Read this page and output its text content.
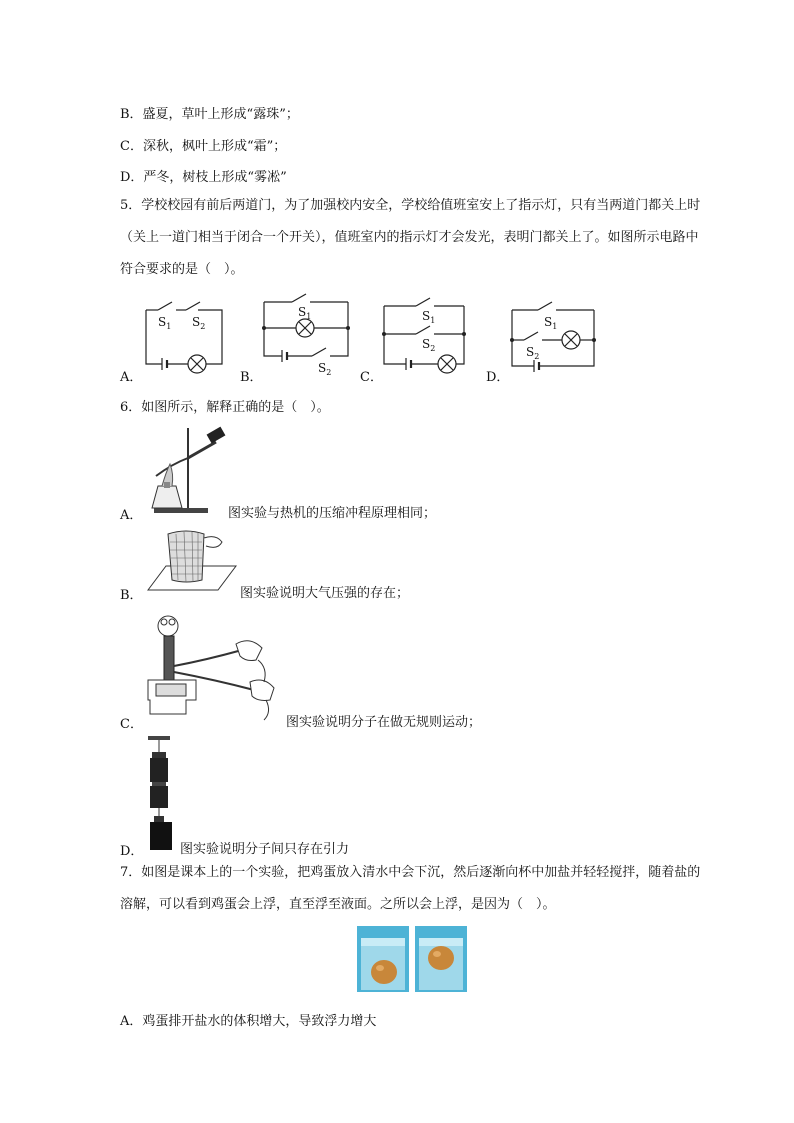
B．盛夏，草叶上形成“露珠”；
C．深秋，枫叶上形成“霜”；
D．严冬，树枝上形成“雾凇”
5．学校校园有前后两道门，为了加强校内安全，学校给值班室安上了指示灯，只有当两道门都关上时（关上一道门相当于闭合一个开关），值班室内的指示灯才会发光，表明门都关上了。如图所示电路中符合要求的是（　）。
A．	B．	C．	D．
$S_1$ $S_2$
$S_1$
$S_2$
$S_1$
$S_2$
$S_1$
$S_2$
6．如图所示，解释正确的是（　）。
A．	图实验与热机的压缩冲程原理相同；
B．	图实验说明大气压强的存在；
C．	图实验说明分子在做无规则运动；
D．	图实验说明分子间只存在引力
7．如图是课本上的一个实验，把鸡蛋放入清水中会下沉，然后逐渐向杯中加盐并轻轻搅拌，随着盐的溶解，可以看到鸡蛋会上浮，直至浮至液面。之所以会上浮，是因为（　）。
A．鸡蛋排开盐水的体积增大，导致浮力增大
